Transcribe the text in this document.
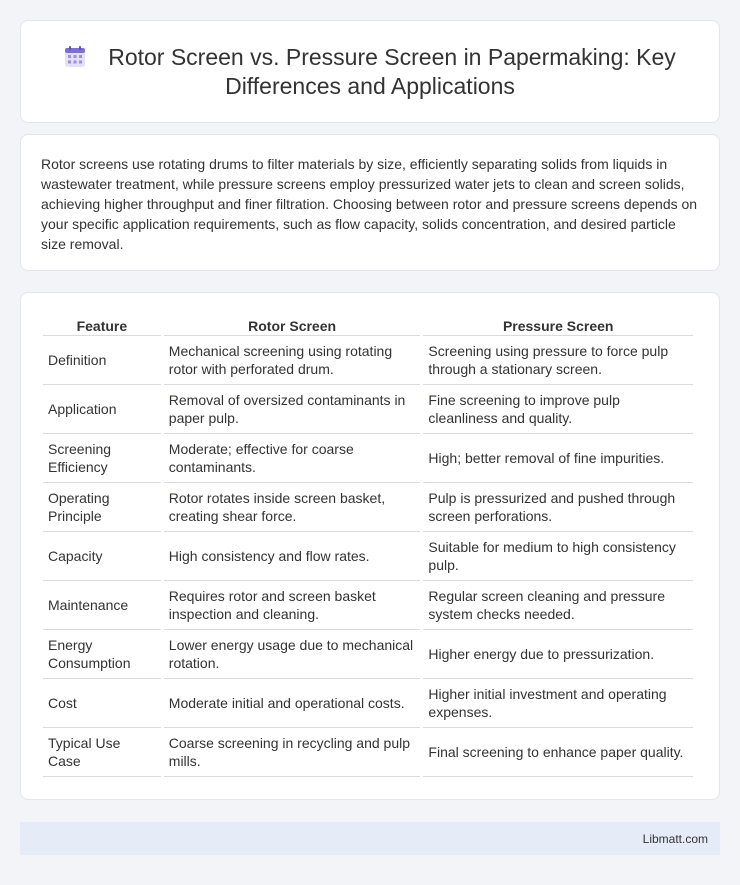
Rotor Screen vs. Pressure Screen in Papermaking: Key Differences and Applications

Rotor screens use rotating drums to filter materials by size, efficiently separating solids from liquids in wastewater treatment, while pressure screens employ pressurized water jets to clean and screen solids, achieving higher throughput and finer filtration. Choosing between rotor and pressure screens depends on your specific application requirements, such as flow capacity, solids concentration, and desired particle size removal.

Feature	Rotor Screen	Pressure Screen
Definition	Mechanical screening using rotating rotor with perforated drum.	Screening using pressure to force pulp through a stationary screen.
Application	Removal of oversized contaminants in paper pulp.	Fine screening to improve pulp cleanliness and quality.
Screening Efficiency	Moderate; effective for coarse contaminants.	High; better removal of fine impurities.
Operating Principle	Rotor rotates inside screen basket, creating shear force.	Pulp is pressurized and pushed through screen perforations.
Capacity	High consistency and flow rates.	Suitable for medium to high consistency pulp.
Maintenance	Requires rotor and screen basket inspection and cleaning.	Regular screen cleaning and pressure system checks needed.
Energy Consumption	Lower energy usage due to mechanical rotation.	Higher energy due to pressurization.
Cost	Moderate initial and operational costs.	Higher initial investment and operating expenses.
Typical Use Case	Coarse screening in recycling and pulp mills.	Final screening to enhance paper quality.
Libmatt.com
